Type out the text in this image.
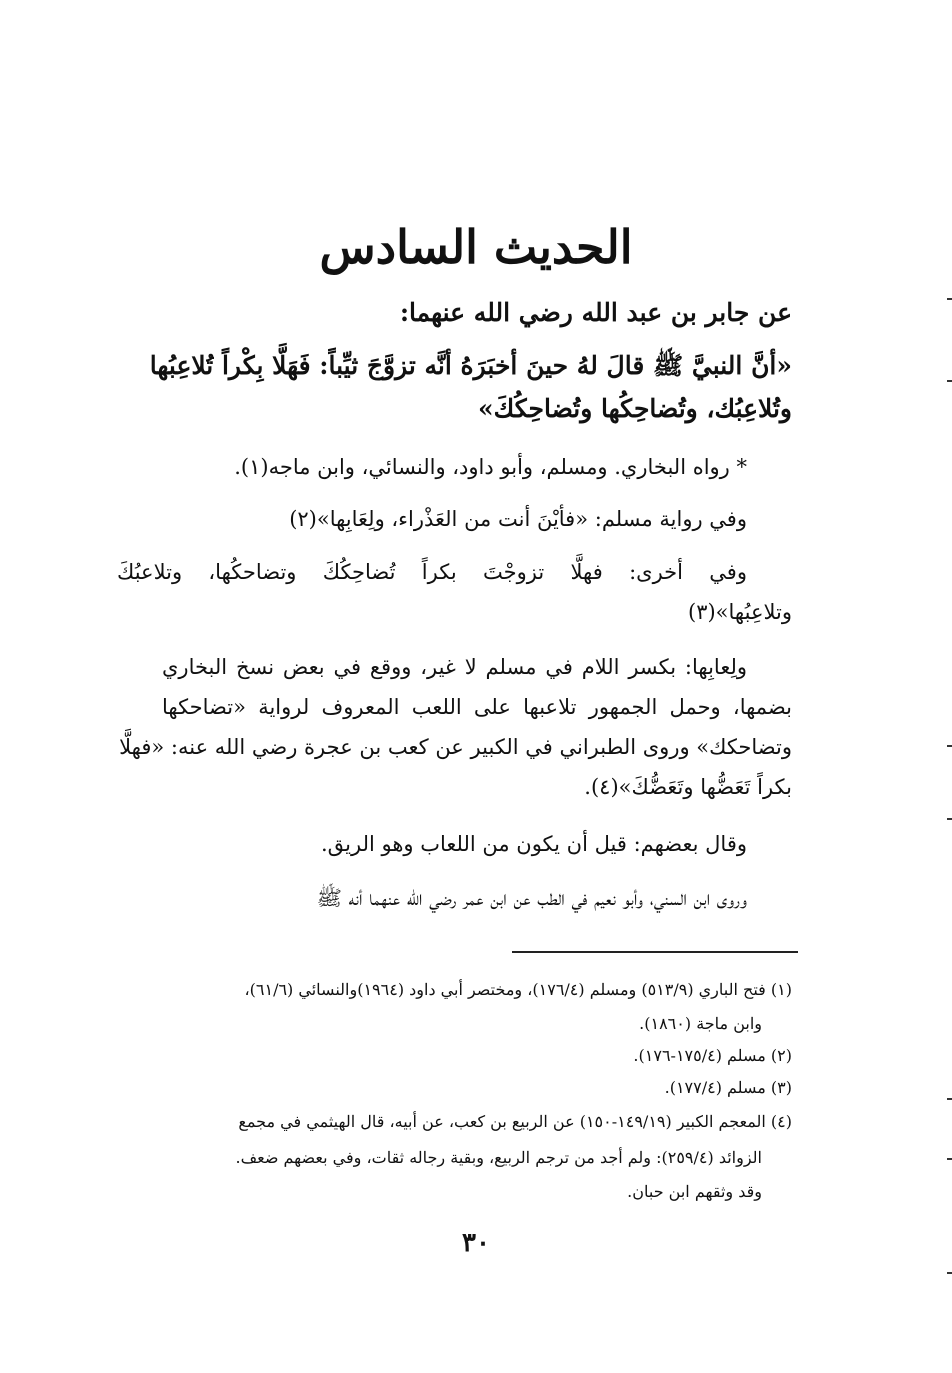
الحديث السادس
عن جابر بن عبد الله رضي الله عنهما:
«أنَّ النبيَّ ﷺ قالَ لهُ حينَ أخبَرَهُ أنَّه تزوَّجَ ثيِّباً: فَهَلَّا بِكْراً تُلاعِبُها
وتُلاعِبُك، وتُضاحِكُها وتُضاحِكُكَ»
* رواه البخاري. ومسلم، وأبو داود، والنسائي، وابن ماجه(١).
وفي رواية مسلم: «فأيْنَ أنت من العَذْراء، ولِعَابِها»(٢)
وفي أخرى: فهلَّا تزوجْتَ بكراً تُضاحِكُكَ وتضاحكُها، وتلاعبُكَ
وتلاعِبُها»(٣)
ولِعابِها: بكسر اللام في مسلم لا غير، ووقع في بعض نسخ البخاري
بضمها، وحمل الجمهور تلاعبها على اللعب المعروف لرواية «تضاحكها
وتضاحكك» وروى الطبراني في الكبير عن كعب بن عجرة رضي الله عنه: «فهلَّا
بكراً تَعَضُّها وتَعَضُّكَ»(٤).
وقال بعضهم: قيل أن يكون من اللعاب وهو الريق.
وروى ابن السني، وأبو نعيم في الطب عن ابن عمر رضي الله عنهما أنه ﷺ
(١) فتح الباري (٥١٣/٩) ومسلم (١٧٦/٤)، ومختصر أبي داود (١٩٦٤)والنسائي (٦١/٦)،
وابن ماجة (١٨٦٠).
(٢) مسلم (١٧٥/٤-١٧٦).
(٣) مسلم (١٧٧/٤).
(٤) المعجم الكبير (١٤٩/١٩-١٥٠) عن الربيع بن كعب، عن أبيه، قال الهيثمي في مجمع
الزوائد (٢٥٩/٤): ولم أجد من ترجم الربيع، وبقية رجاله ثقات، وفي بعضهم ضعف.
وقد وثقهم ابن حبان.
٣٠
